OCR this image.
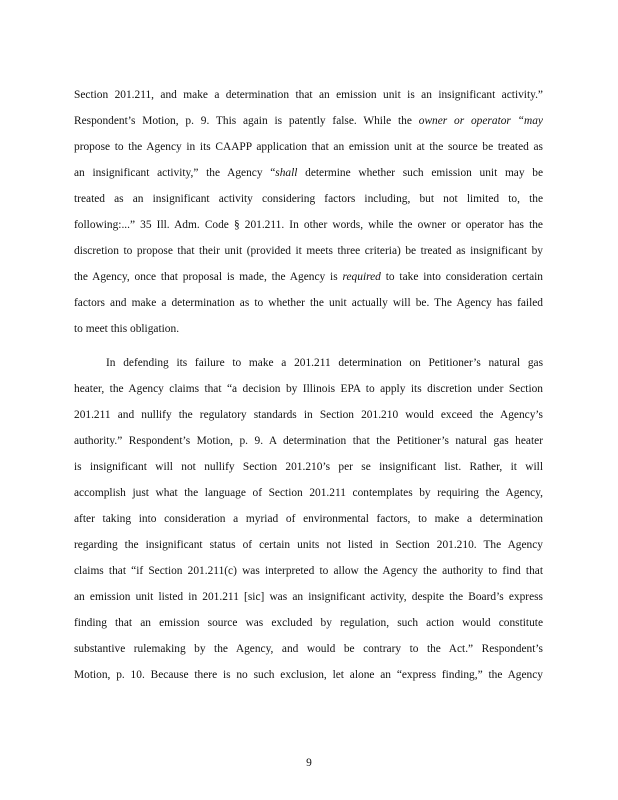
Section 201.211, and make a determination that an emission unit is an insignificant activity.”
Respondent’s Motion, p. 9. This again is patently false. While the owner or operator “may
propose to the Agency in its CAAPP application that an emission unit at the source be treated as
an insignificant activity,” the Agency “shall determine whether such emission unit may be
treated as an insignificant activity considering factors including, but not limited to, the
following:...” 35 Ill. Adm. Code § 201.211. In other words, while the owner or operator has the
discretion to propose that their unit (provided it meets three criteria) be treated as insignificant by
the Agency, once that proposal is made, the Agency is required to take into consideration certain
factors and make a determination as to whether the unit actually will be. The Agency has failed
to meet this obligation.
In defending its failure to make a 201.211 determination on Petitioner’s natural gas
heater, the Agency claims that “a decision by Illinois EPA to apply its discretion under Section
201.211 and nullify the regulatory standards in Section 201.210 would exceed the Agency’s
authority.” Respondent’s Motion, p. 9. A determination that the Petitioner’s natural gas heater
is insignificant will not nullify Section 201.210’s per se insignificant list. Rather, it will
accomplish just what the language of Section 201.211 contemplates by requiring the Agency,
after taking into consideration a myriad of environmental factors, to make a determination
regarding the insignificant status of certain units not listed in Section 201.210. The Agency
claims that “if Section 201.211(c) was interpreted to allow the Agency the authority to find that
an emission unit listed in 201.211 [sic] was an insignificant activity, despite the Board’s express
finding that an emission source was excluded by regulation, such action would constitute
substantive rulemaking by the Agency, and would be contrary to the Act.” Respondent’s
Motion, p. 10. Because there is no such exclusion, let alone an “express finding,” the Agency
9
